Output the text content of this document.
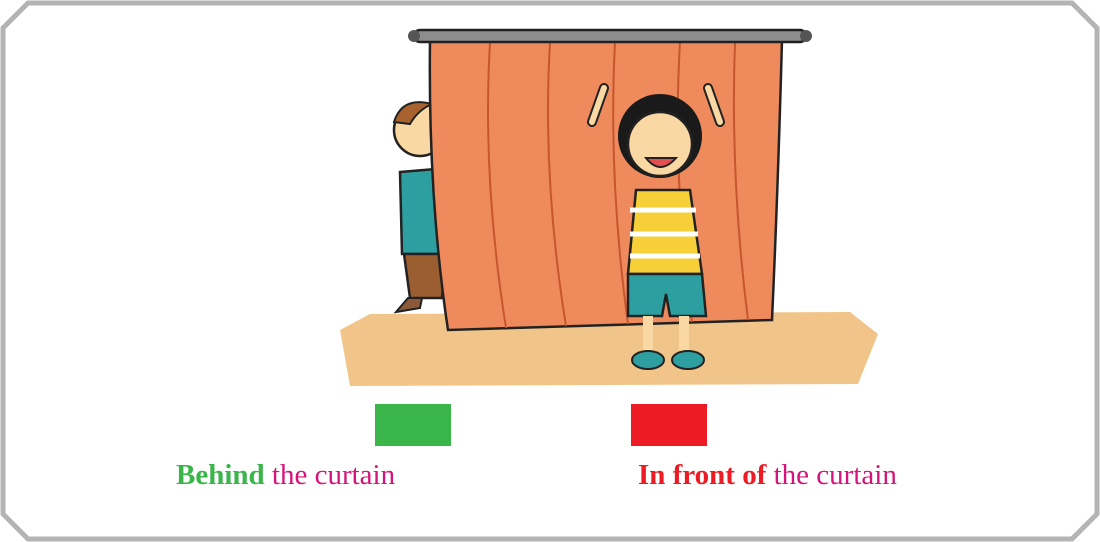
Behind the curtain	In front of the curtain
